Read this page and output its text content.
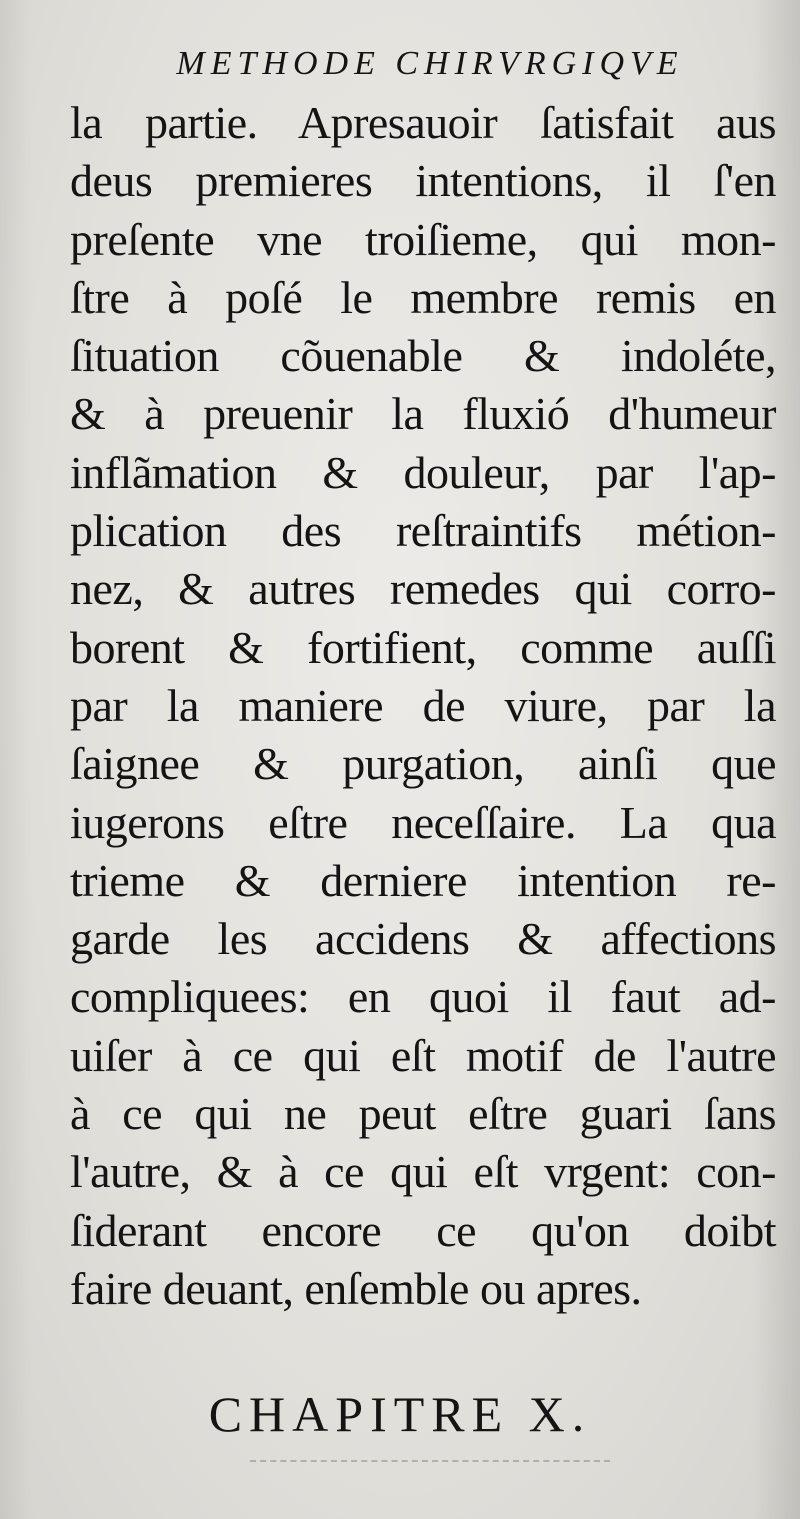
METHODE CHIRVRGIQVE
la partie. Apresauoir ſatisfait aus
deus premieres intentions, il ſ'en
preſente vne troiſieme, qui mon-
ſtre à poſé le membre remis en
ſituation cõuenable & indoléte,
& à preuenir la fluxió d'humeur
inflãmation & douleur, par l'ap-
plication des reſtraintifs métion-
nez, & autres remedes qui corro-
borent & fortifient, comme auſſi
par la maniere de viure, par la
ſaignee & purgation, ainſi que
iugerons eſtre neceſſaire. La qua
trieme & derniere intention re-
garde les accidens & affections
compliquees: en quoi il faut ad-
uiſer à ce qui eſt motif de l'autre
à ce qui ne peut eſtre guari ſans
l'autre, & à ce qui eſt vrgent: con-
ſiderant encore ce qu'on doibt
faire deuant, enſemble ou apres.
CHAPITRE X.
